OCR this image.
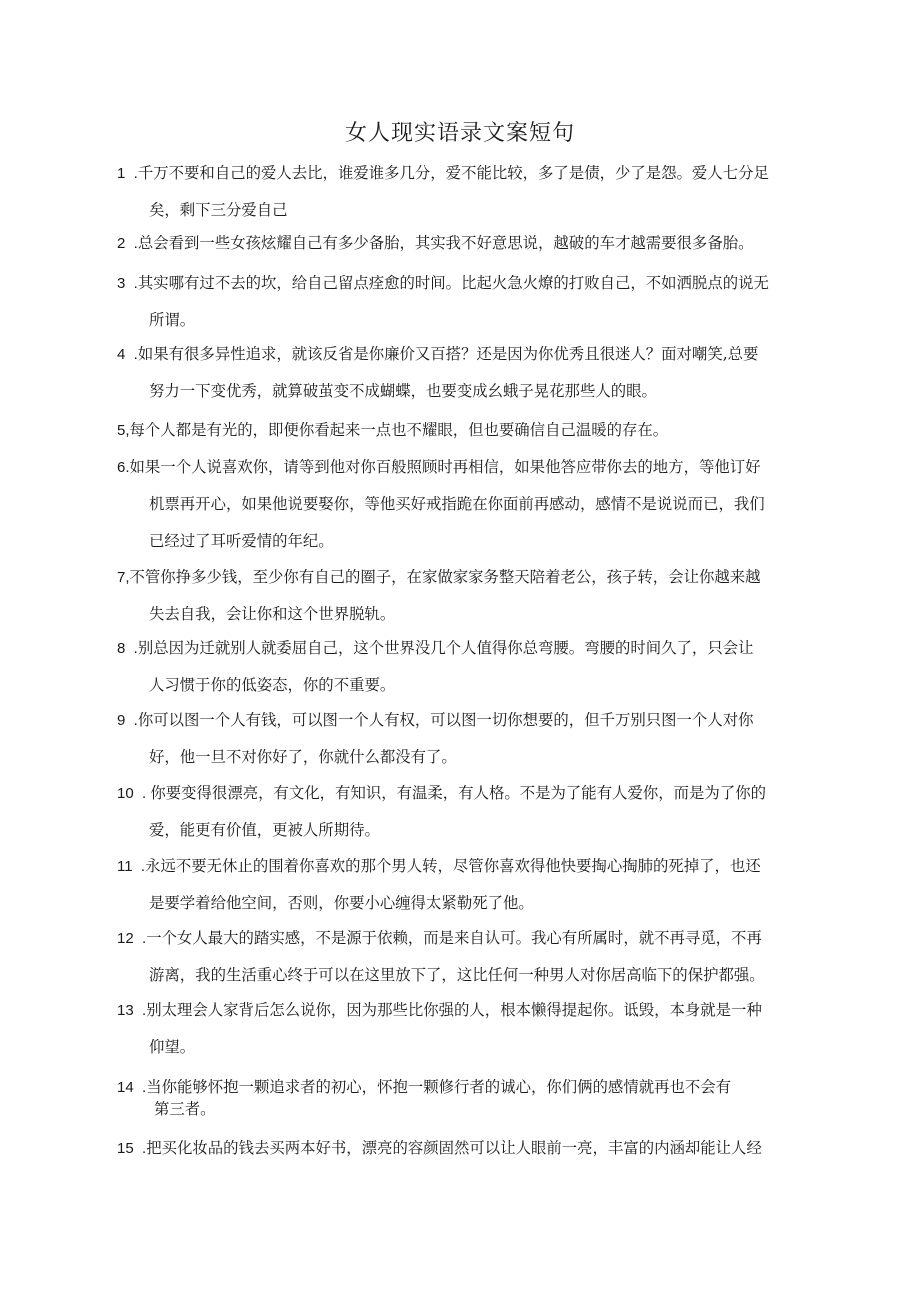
女人现实语录文案短句
1  .千万不要和自己的爱人去比，谁爱谁多几分，爱不能比较，多了是债，少了是怨。爱人七分足
矣，剩下三分爱自己
2  .总会看到一些女孩炫耀自己有多少备胎，其实我不好意思说，越破的车才越需要很多备胎。
3  .其实哪有过不去的坎，给自己留点痊愈的时间。比起火急火燎的打败自己，不如洒脱点的说无
所谓。
4  .如果有很多异性追求，就该反省是你廉价又百搭？还是因为你优秀且很迷人？面对嘲笑,总要
努力一下变优秀，就算破茧变不成蝴蝶，也要变成幺蛾子晃花那些人的眼。
5,每个人都是有光的，即便你看起来一点也不耀眼，但也要确信自己温暖的存在。
6.如果一个人说喜欢你，请等到他对你百般照顾时再相信，如果他答应带你去的地方，等他订好
机票再开心，如果他说要娶你，等他买好戒指跪在你面前再感动，感情不是说说而已，我们
已经过了耳听爱情的年纪。
7,不管你挣多少钱，至少你有自己的圈子，在家做家家务整天陪着老公，孩子转，会让你越来越
失去自我，会让你和这个世界脱轨。
8  .别总因为迁就别人就委屈自己，这个世界没几个人值得你总弯腰。弯腰的时间久了，只会让
人习惯于你的低姿态，你的不重要。
9  .你可以图一个人有钱，可以图一个人有权，可以图一切你想要的，但千万别只图一个人对你
好，他一旦不对你好了，你就什么都没有了。
10  . 你要变得很漂亮，有文化，有知识，有温柔，有人格。不是为了能有人爱你，而是为了你的
爱，能更有价值，更被人所期待。
11  .永远不要无休止的围着你喜欢的那个男人转，尽管你喜欢得他快要掏心掏肺的死掉了，也还
是要学着给他空间，否则，你要小心缠得太紧勒死了他。
12  .一个女人最大的踏实感，不是源于依赖，而是来自认可。我心有所属时，就不再寻觅，不再
游离，我的生活重心终于可以在这里放下了，这比任何一种男人对你居高临下的保护都强。
13  .别太理会人家背后怎么说你，因为那些比你强的人，根本懒得提起你。诋毁，本身就是一种
仰望。
14  .当你能够怀抱一颗追求者的初心，怀抱一颗修行者的诚心，你们俩的感情就再也不会有
第三者。
15  .把买化妆品的钱去买两本好书，漂亮的容颜固然可以让人眼前一亮，丰富的内涵却能让人经
